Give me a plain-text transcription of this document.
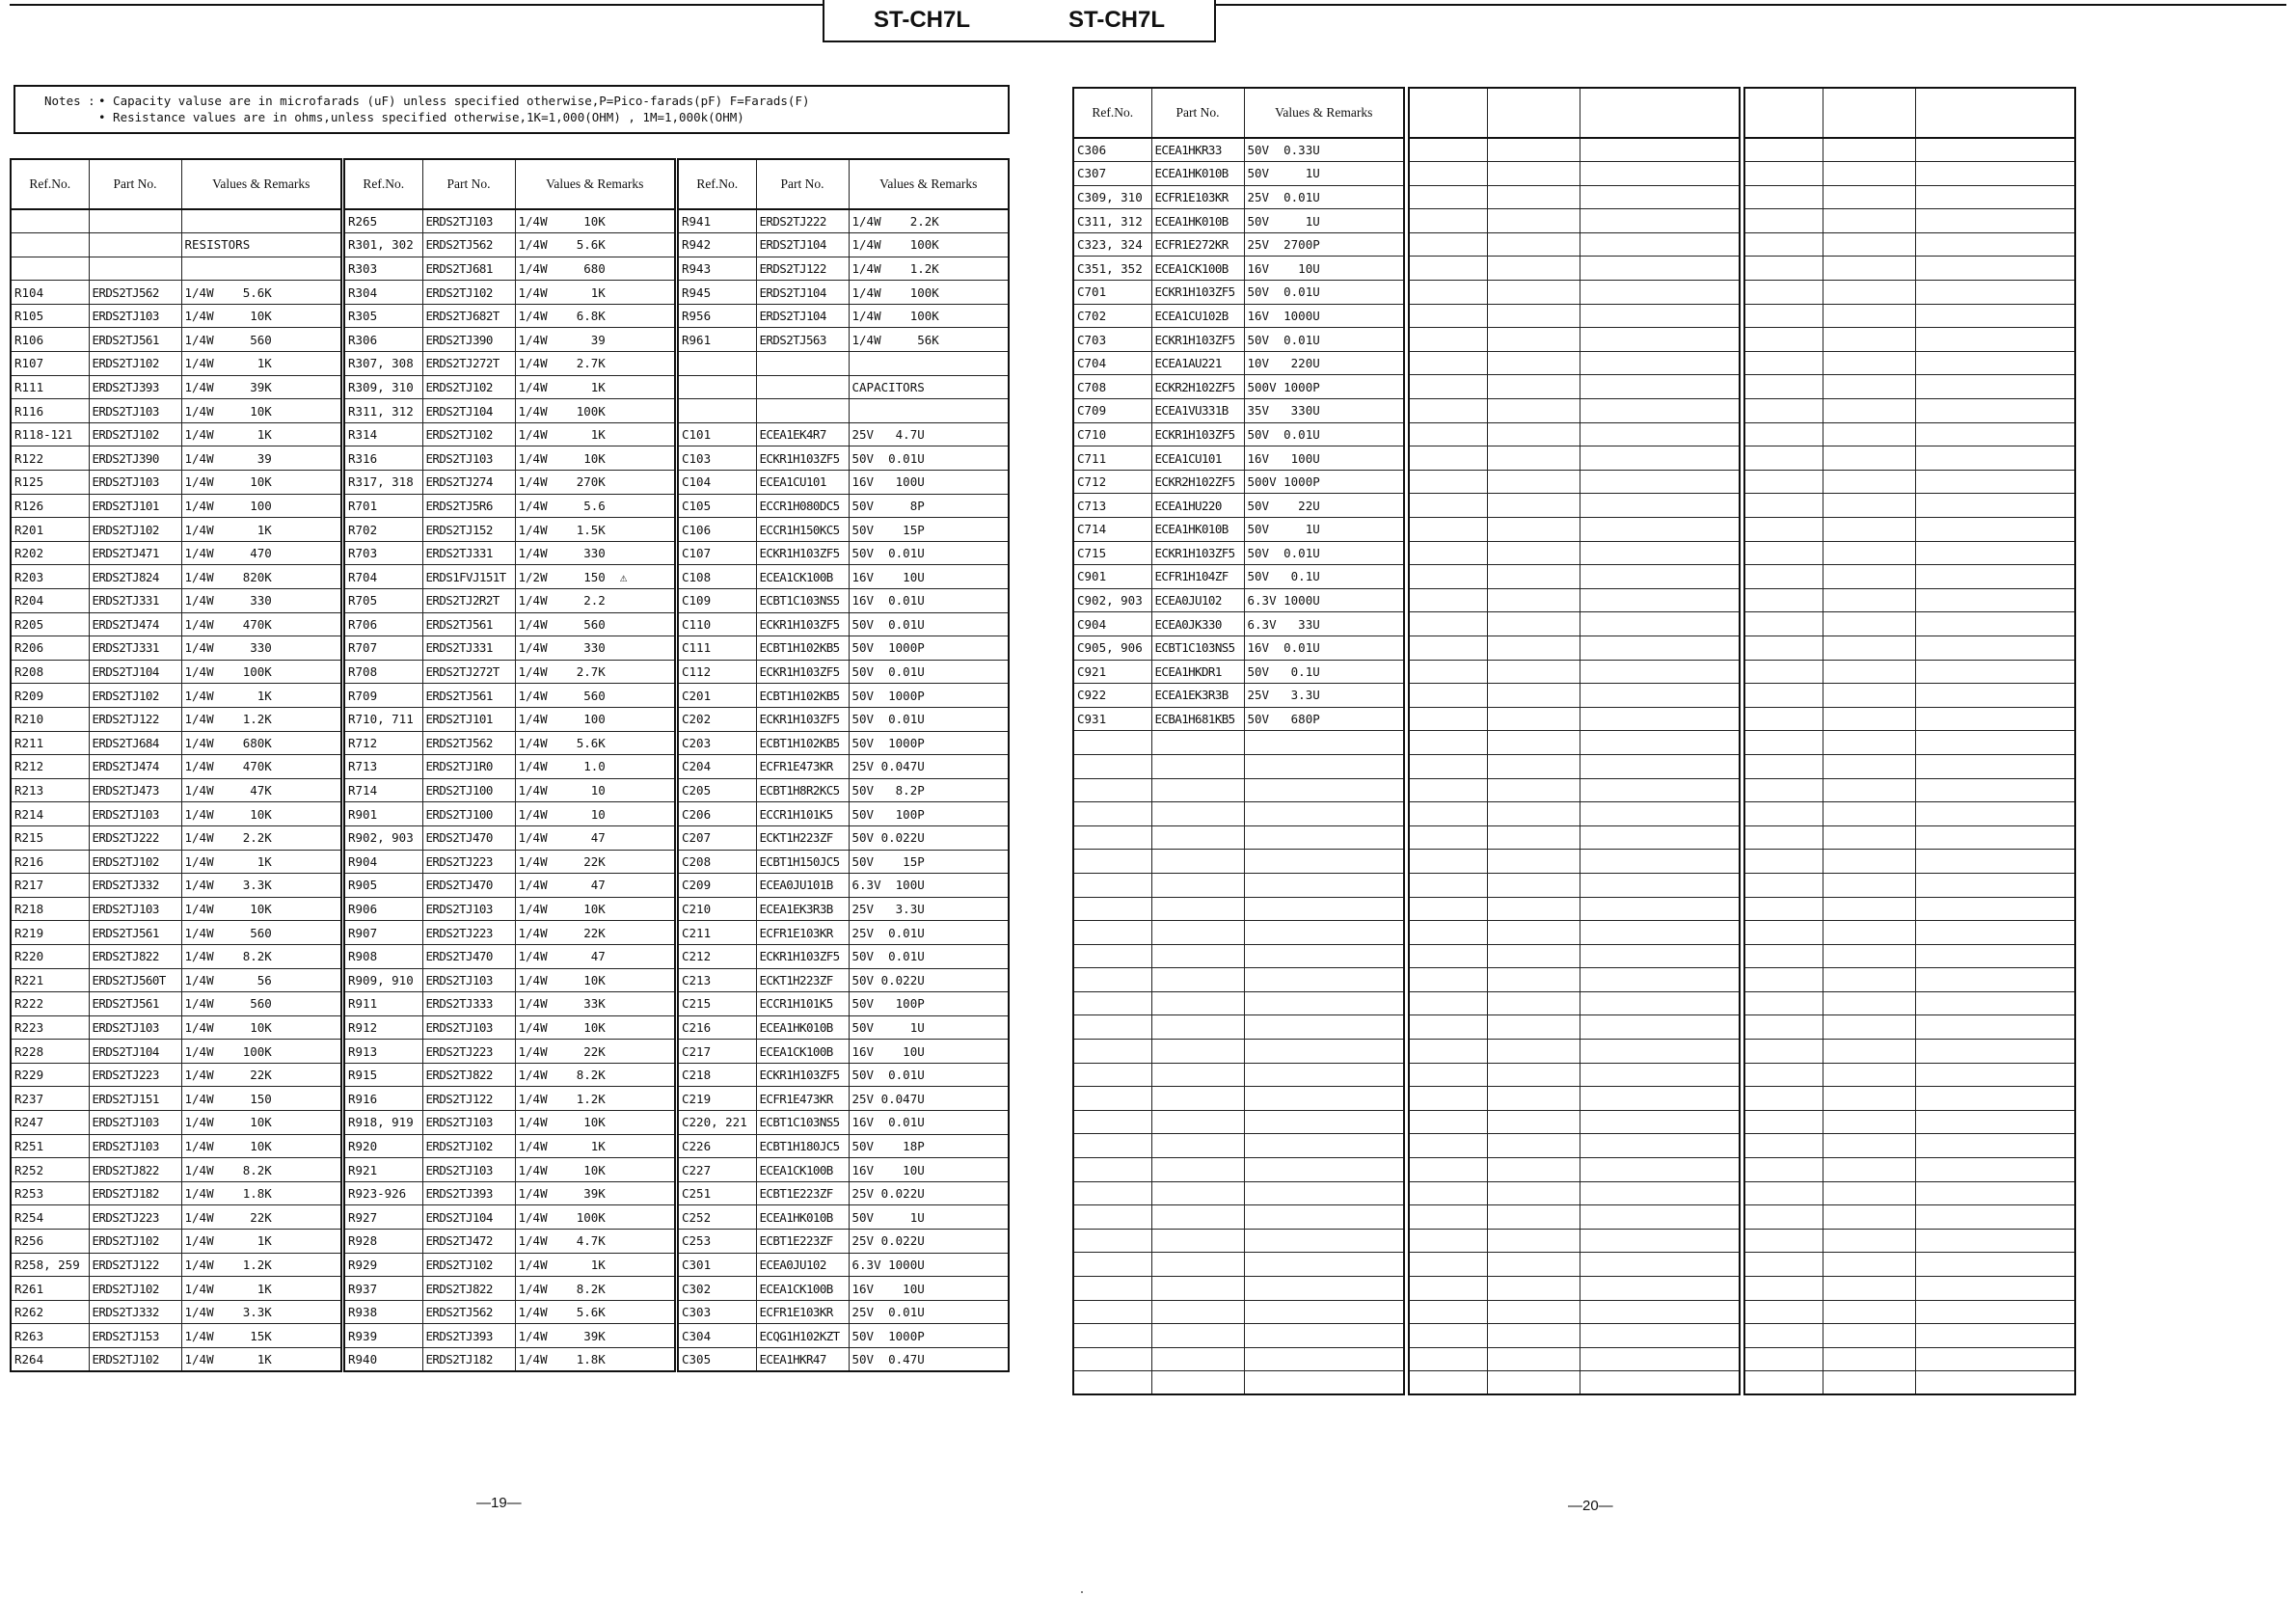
ST-CH7L	ST-CH7L
Notes : • Capacity valuse are in microfarads (uF) unless specified otherwise,P=Pico-farads(pF) F=Farads(F)
• Resistance values are in ohms,unless specified otherwise,1K=1,000(OHM) , 1M=1,000k(OHM)
Ref.No.	Part No.	Values & Remarks

		RESISTORS

R104	ERDS2TJ562	1/4W    5.6K
R105	ERDS2TJ103	1/4W     10K
R106	ERDS2TJ561	1/4W     560
R107	ERDS2TJ102	1/4W      1K
R111	ERDS2TJ393	1/4W     39K
R116	ERDS2TJ103	1/4W     10K
R118-121	ERDS2TJ102	1/4W      1K
R122	ERDS2TJ390	1/4W      39
R125	ERDS2TJ103	1/4W     10K
R126	ERDS2TJ101	1/4W     100
R201	ERDS2TJ102	1/4W      1K
R202	ERDS2TJ471	1/4W     470
R203	ERDS2TJ824	1/4W    820K
R204	ERDS2TJ331	1/4W     330
R205	ERDS2TJ474	1/4W    470K
R206	ERDS2TJ331	1/4W     330
R208	ERDS2TJ104	1/4W    100K
R209	ERDS2TJ102	1/4W      1K
R210	ERDS2TJ122	1/4W    1.2K
R211	ERDS2TJ684	1/4W    680K
R212	ERDS2TJ474	1/4W    470K
R213	ERDS2TJ473	1/4W     47K
R214	ERDS2TJ103	1/4W     10K
R215	ERDS2TJ222	1/4W    2.2K
R216	ERDS2TJ102	1/4W      1K
R217	ERDS2TJ332	1/4W    3.3K
R218	ERDS2TJ103	1/4W     10K
R219	ERDS2TJ561	1/4W     560
R220	ERDS2TJ822	1/4W    8.2K
R221	ERDS2TJ560T	1/4W      56
R222	ERDS2TJ561	1/4W     560
R223	ERDS2TJ103	1/4W     10K
R228	ERDS2TJ104	1/4W    100K
R229	ERDS2TJ223	1/4W     22K
R237	ERDS2TJ151	1/4W     150
R247	ERDS2TJ103	1/4W     10K
R251	ERDS2TJ103	1/4W     10K
R252	ERDS2TJ822	1/4W    8.2K
R253	ERDS2TJ182	1/4W    1.8K
R254	ERDS2TJ223	1/4W     22K
R256	ERDS2TJ102	1/4W      1K
R258, 259	ERDS2TJ122	1/4W    1.2K
R261	ERDS2TJ102	1/4W      1K
R262	ERDS2TJ332	1/4W    3.3K
R263	ERDS2TJ153	1/4W     15K
R264	ERDS2TJ102	1/4W      1K
Ref.No.	Part No.	Values & Remarks
R265	ERDS2TJ103	1/4W     10K
R301, 302	ERDS2TJ562	1/4W    5.6K
R303	ERDS2TJ681	1/4W     680
R304	ERDS2TJ102	1/4W      1K
R305	ERDS2TJ682T	1/4W    6.8K
R306	ERDS2TJ390	1/4W      39
R307, 308	ERDS2TJ272T	1/4W    2.7K
R309, 310	ERDS2TJ102	1/4W      1K
R311, 312	ERDS2TJ104	1/4W    100K
R314	ERDS2TJ102	1/4W      1K
R316	ERDS2TJ103	1/4W     10K
R317, 318	ERDS2TJ274	1/4W    270K
R701	ERDS2TJ5R6	1/4W     5.6
R702	ERDS2TJ152	1/4W    1.5K
R703	ERDS2TJ331	1/4W     330
R704	ERDS1FVJ151T	1/2W     150  ⚠
R705	ERDS2TJ2R2T	1/4W     2.2
R706	ERDS2TJ561	1/4W     560
R707	ERDS2TJ331	1/4W     330
R708	ERDS2TJ272T	1/4W    2.7K
R709	ERDS2TJ561	1/4W     560
R710, 711	ERDS2TJ101	1/4W     100
R712	ERDS2TJ562	1/4W    5.6K
R713	ERDS2TJ1R0	1/4W     1.0
R714	ERDS2TJ100	1/4W      10
R901	ERDS2TJ100	1/4W      10
R902, 903	ERDS2TJ470	1/4W      47
R904	ERDS2TJ223	1/4W     22K
R905	ERDS2TJ470	1/4W      47
R906	ERDS2TJ103	1/4W     10K
R907	ERDS2TJ223	1/4W     22K
R908	ERDS2TJ470	1/4W      47
R909, 910	ERDS2TJ103	1/4W     10K
R911	ERDS2TJ333	1/4W     33K
R912	ERDS2TJ103	1/4W     10K
R913	ERDS2TJ223	1/4W     22K
R915	ERDS2TJ822	1/4W    8.2K
R916	ERDS2TJ122	1/4W    1.2K
R918, 919	ERDS2TJ103	1/4W     10K
R920	ERDS2TJ102	1/4W      1K
R921	ERDS2TJ103	1/4W     10K
R923-926	ERDS2TJ393	1/4W     39K
R927	ERDS2TJ104	1/4W    100K
R928	ERDS2TJ472	1/4W    4.7K
R929	ERDS2TJ102	1/4W      1K
R937	ERDS2TJ822	1/4W    8.2K
R938	ERDS2TJ562	1/4W    5.6K
R939	ERDS2TJ393	1/4W     39K
R940	ERDS2TJ182	1/4W    1.8K
Ref.No.	Part No.	Values & Remarks
R941	ERDS2TJ222	1/4W    2.2K
R942	ERDS2TJ104	1/4W    100K
R943	ERDS2TJ122	1/4W    1.2K
R945	ERDS2TJ104	1/4W    100K
R956	ERDS2TJ104	1/4W    100K
R961	ERDS2TJ563	1/4W     56K

		CAPACITORS

C101	ECEA1EK4R7	25V   4.7U
C103	ECKR1H103ZF5	50V  0.01U
C104	ECEA1CU101	16V   100U
C105	ECCR1H080DC5	50V     8P
C106	ECCR1H150KC5	50V    15P
C107	ECKR1H103ZF5	50V  0.01U
C108	ECEA1CK100B	16V    10U
C109	ECBT1C103NS5	16V  0.01U
C110	ECKR1H103ZF5	50V  0.01U
C111	ECBT1H102KB5	50V  1000P
C112	ECKR1H103ZF5	50V  0.01U
C201	ECBT1H102KB5	50V  1000P
C202	ECKR1H103ZF5	50V  0.01U
C203	ECBT1H102KB5	50V  1000P
C204	ECFR1E473KR	25V 0.047U
C205	ECBT1H8R2KC5	50V   8.2P
C206	ECCR1H101K5	50V   100P
C207	ECKT1H223ZF	50V 0.022U
C208	ECBT1H150JC5	50V    15P
C209	ECEA0JU101B	6.3V  100U
C210	ECEA1EK3R3B	25V   3.3U
C211	ECFR1E103KR	25V  0.01U
C212	ECKR1H103ZF5	50V  0.01U
C213	ECKT1H223ZF	50V 0.022U
C215	ECCR1H101K5	50V   100P
C216	ECEA1HK010B	50V     1U
C217	ECEA1CK100B	16V    10U
C218	ECKR1H103ZF5	50V  0.01U
C219	ECFR1E473KR	25V 0.047U
C220, 221	ECBT1C103NS5	16V  0.01U
C226	ECBT1H180JC5	50V    18P
C227	ECEA1CK100B	16V    10U
C251	ECBT1E223ZF	25V 0.022U
C252	ECEA1HK010B	50V     1U
C253	ECBT1E223ZF	25V 0.022U
C301	ECEA0JU102	6.3V 1000U
C302	ECEA1CK100B	16V    10U
C303	ECFR1E103KR	25V  0.01U
C304	ECQG1H102KZT	50V  1000P
C305	ECEA1HKR47	50V  0.47U
Ref.No.	Part No.	Values & Remarks
C306	ECEA1HKR33	50V  0.33U
C307	ECEA1HK010B	50V     1U
C309, 310	ECFR1E103KR	25V  0.01U
C311, 312	ECEA1HK010B	50V     1U
C323, 324	ECFR1E272KR	25V  2700P
C351, 352	ECEA1CK100B	16V    10U
C701	ECKR1H103ZF5	50V  0.01U
C702	ECEA1CU102B	16V  1000U
C703	ECKR1H103ZF5	50V  0.01U
C704	ECEA1AU221	10V   220U
C708	ECKR2H102ZF5	500V 1000P
C709	ECEA1VU331B	35V   330U
C710	ECKR1H103ZF5	50V  0.01U
C711	ECEA1CU101	16V   100U
C712	ECKR2H102ZF5	500V 1000P
C713	ECEA1HU220	50V    22U
C714	ECEA1HK010B	50V     1U
C715	ECKR1H103ZF5	50V  0.01U
C901	ECFR1H104ZF	50V   0.1U
C902, 903	ECEA0JU102	6.3V 1000U
C904	ECEA0JK330	6.3V   33U
C905, 906	ECBT1C103NS5	16V  0.01U
C921	ECEA1HKDR1	50V   0.1U
C922	ECEA1EK3R3B	25V   3.3U
C931	ECBA1H681KB5	50V   680P

—19—	—20—
